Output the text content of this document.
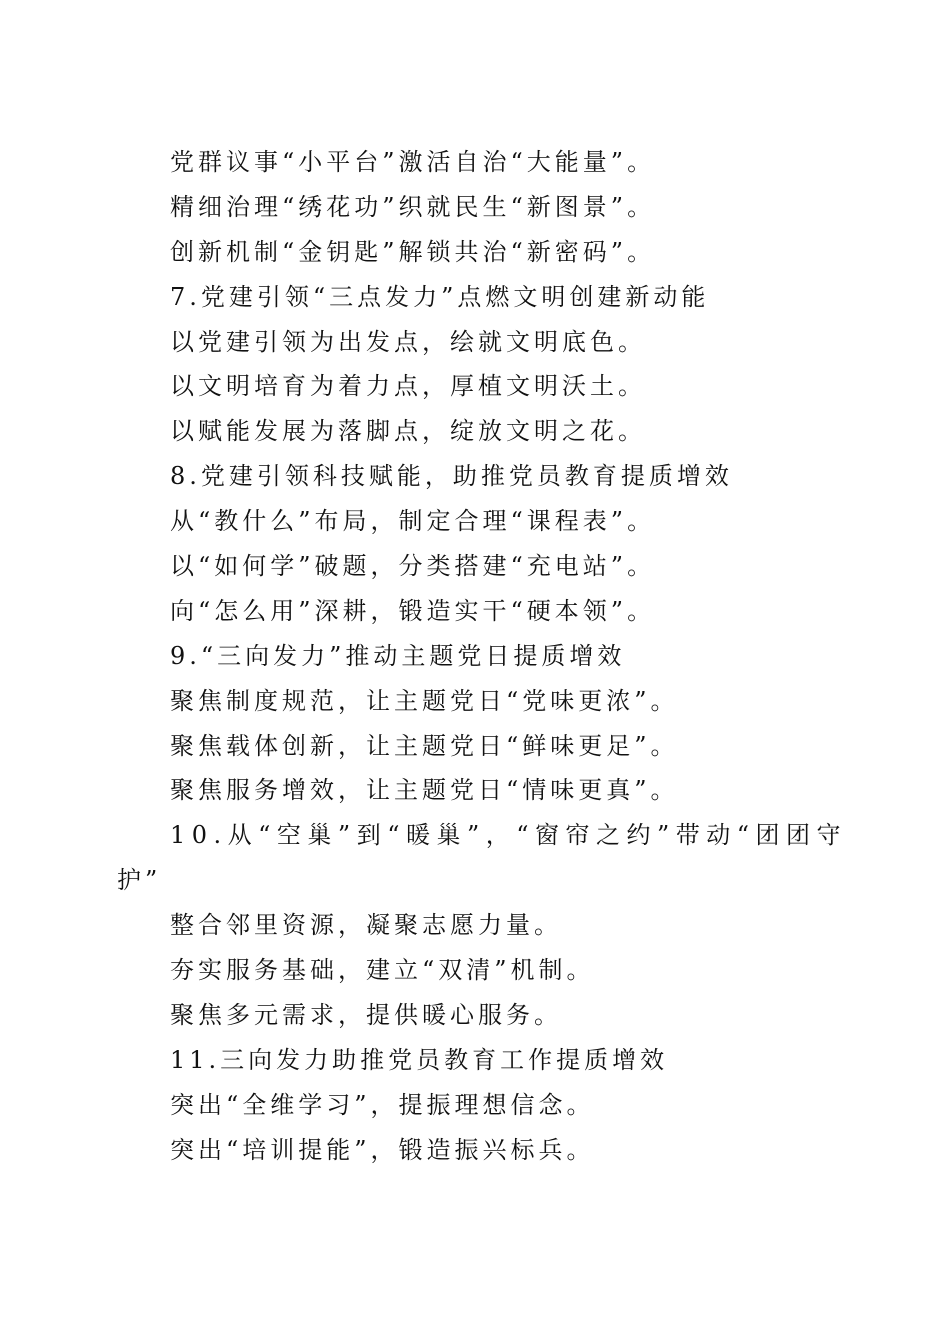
党群议事“小平台”激活自治“大能量”。
精细治理“绣花功”织就民生“新图景”。
创新机制“金钥匙”解锁共治“新密码”。
7.党建引领“三点发力”点燃文明创建新动能
以党建引领为出发点，绘就文明底色。
以文明培育为着力点，厚植文明沃土。
以赋能发展为落脚点，绽放文明之花。
8.党建引领科技赋能，助推党员教育提质增效
从“教什么”布局，制定合理“课程表”。
以“如何学”破题，分类搭建“充电站”。
向“怎么用”深耕，锻造实干“硬本领”。
9.“三向发力”推动主题党日提质增效
聚焦制度规范，让主题党日“党味更浓”。
聚焦载体创新，让主题党日“鲜味更足”。
聚焦服务增效，让主题党日“情味更真”。
10.从“空巢”到“暖巢”，“窗帘之约”带动“团团守
护”
整合邻里资源，凝聚志愿力量。
夯实服务基础，建立“双清”机制。
聚焦多元需求，提供暖心服务。
11.三向发力助推党员教育工作提质增效
突出“全维学习”，提振理想信念。
突出“培训提能”，锻造振兴标兵。
